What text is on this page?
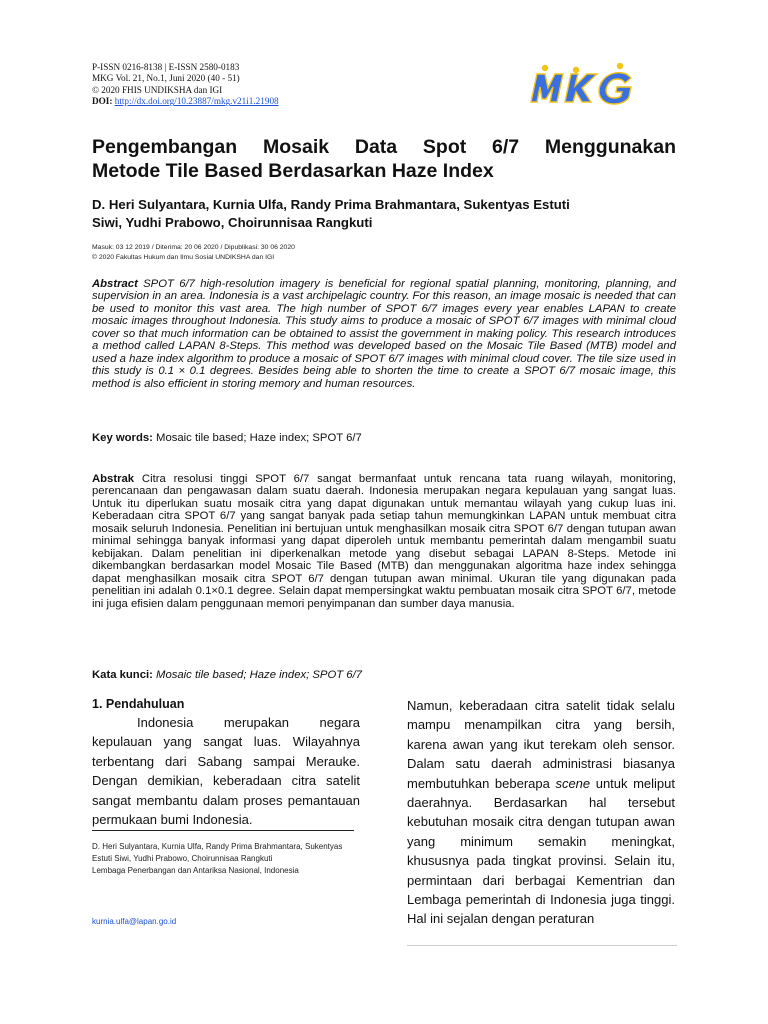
P-ISSN 0216-8138 | E-ISSN 2580-0183
MKG Vol. 21, No.1, Juni 2020 (40 - 51)
© 2020 FHIS UNDIKSHA dan IGI
DOI: http://dx.doi.org/10.23887/mkg.v21i1.21908
Pengembangan Mosaik Data Spot 6/7 Menggunakan
Metode Tile Based Berdasarkan Haze Index
D. Heri Sulyantara, Kurnia Ulfa, Randy Prima Brahmantara, Sukentyas Estuti
Siwi, Yudhi Prabowo, Choirunnisaa Rangkuti
Masuk: 03 12 2019 / Diterima: 20 06 2020 / Dipublikasi: 30 06 2020
© 2020 Fakultas Hukum dan Ilmu Sosial UNDIKSHA dan IGI
Abstract SPOT 6/7 high-resolution imagery is beneficial for regional spatial planning, monitoring, planning, and supervision in an area. Indonesia is a vast archipelagic country. For this reason, an image mosaic is needed that can be used to monitor this vast area. The high number of SPOT 6/7 images every year enables LAPAN to create mosaic images throughout Indonesia. This study aims to produce a mosaic of SPOT 6/7 images with minimal cloud cover so that much information can be obtained to assist the government in making policy. This research introduces a method called LAPAN 8-Steps. This method was developed based on the Mosaic Tile Based (MTB) model and used a haze index algorithm to produce a mosaic of SPOT 6/7 images with minimal cloud cover. The tile size used in this study is 0.1 × 0.1 degrees. Besides being able to shorten the time to create a SPOT 6/7 mosaic image, this method is also efficient in storing memory and human resources.
Key words: Mosaic tile based; Haze index; SPOT 6/7
Abstrak Citra resolusi tinggi SPOT 6/7 sangat bermanfaat untuk rencana tata ruang wilayah, monitoring, perencanaan dan pengawasan dalam suatu daerah. Indonesia merupakan negara kepulauan yang sangat luas. Untuk itu diperlukan suatu mosaik citra yang dapat digunakan untuk memantau wilayah yang cukup luas ini. Keberadaan citra SPOT 6/7 yang sangat banyak pada setiap tahun memungkinkan LAPAN untuk membuat citra mosaik seluruh Indonesia. Penelitian ini bertujuan untuk menghasilkan mosaik citra SPOT 6/7 dengan tutupan awan minimal sehingga banyak informasi yang dapat diperoleh untuk membantu pemerintah dalam mengambil suatu kebijakan. Dalam penelitian ini diperkenalkan metode yang disebut sebagai LAPAN 8-Steps. Metode ini dikembangkan berdasarkan model Mosaic Tile Based (MTB) dan menggunakan algoritma haze index sehingga dapat menghasilkan mosaik citra SPOT 6/7 dengan tutupan awan minimal. Ukuran tile yang digunakan pada penelitian ini adalah 0.1×0.1 degree. Selain dapat mempersingkat waktu pembuatan mosaik citra SPOT 6/7, metode ini juga efisien dalam penggunaan memori penyimpanan dan sumber daya manusia.
Kata kunci: Mosaic tile based; Haze index; SPOT 6/7
1. Pendahuluan
Indonesia merupakan negara kepulauan yang sangat luas. Wilayahnya terbentang dari Sabang sampai Merauke. Dengan demikian, keberadaan citra satelit sangat membantu dalam proses pemantauan permukaan bumi Indonesia.
D. Heri Sulyantara, Kurnia Ulfa, Randy Prima Brahmantara, Sukentyas Estuti Siwi, Yudhi Prabowo, Choirunnisaa Rangkuti
Lembaga Penerbangan dan Antariksa Nasional, Indonesia
kurnia.ulfa@lapan.go.id
Namun, keberadaan citra satelit tidak selalu mampu menampilkan citra yang bersih, karena awan yang ikut terekam oleh sensor. Dalam satu daerah administrasi biasanya membutuhkan beberapa scene untuk meliput daerahnya. Berdasarkan hal tersebut kebutuhan mosaik citra dengan tutupan awan yang minimum semakin meningkat, khususnya pada tingkat provinsi. Selain itu, permintaan dari berbagai Kementrian dan Lembaga pemerintah di Indonesia juga tinggi. Hal ini sejalan dengan peraturan
